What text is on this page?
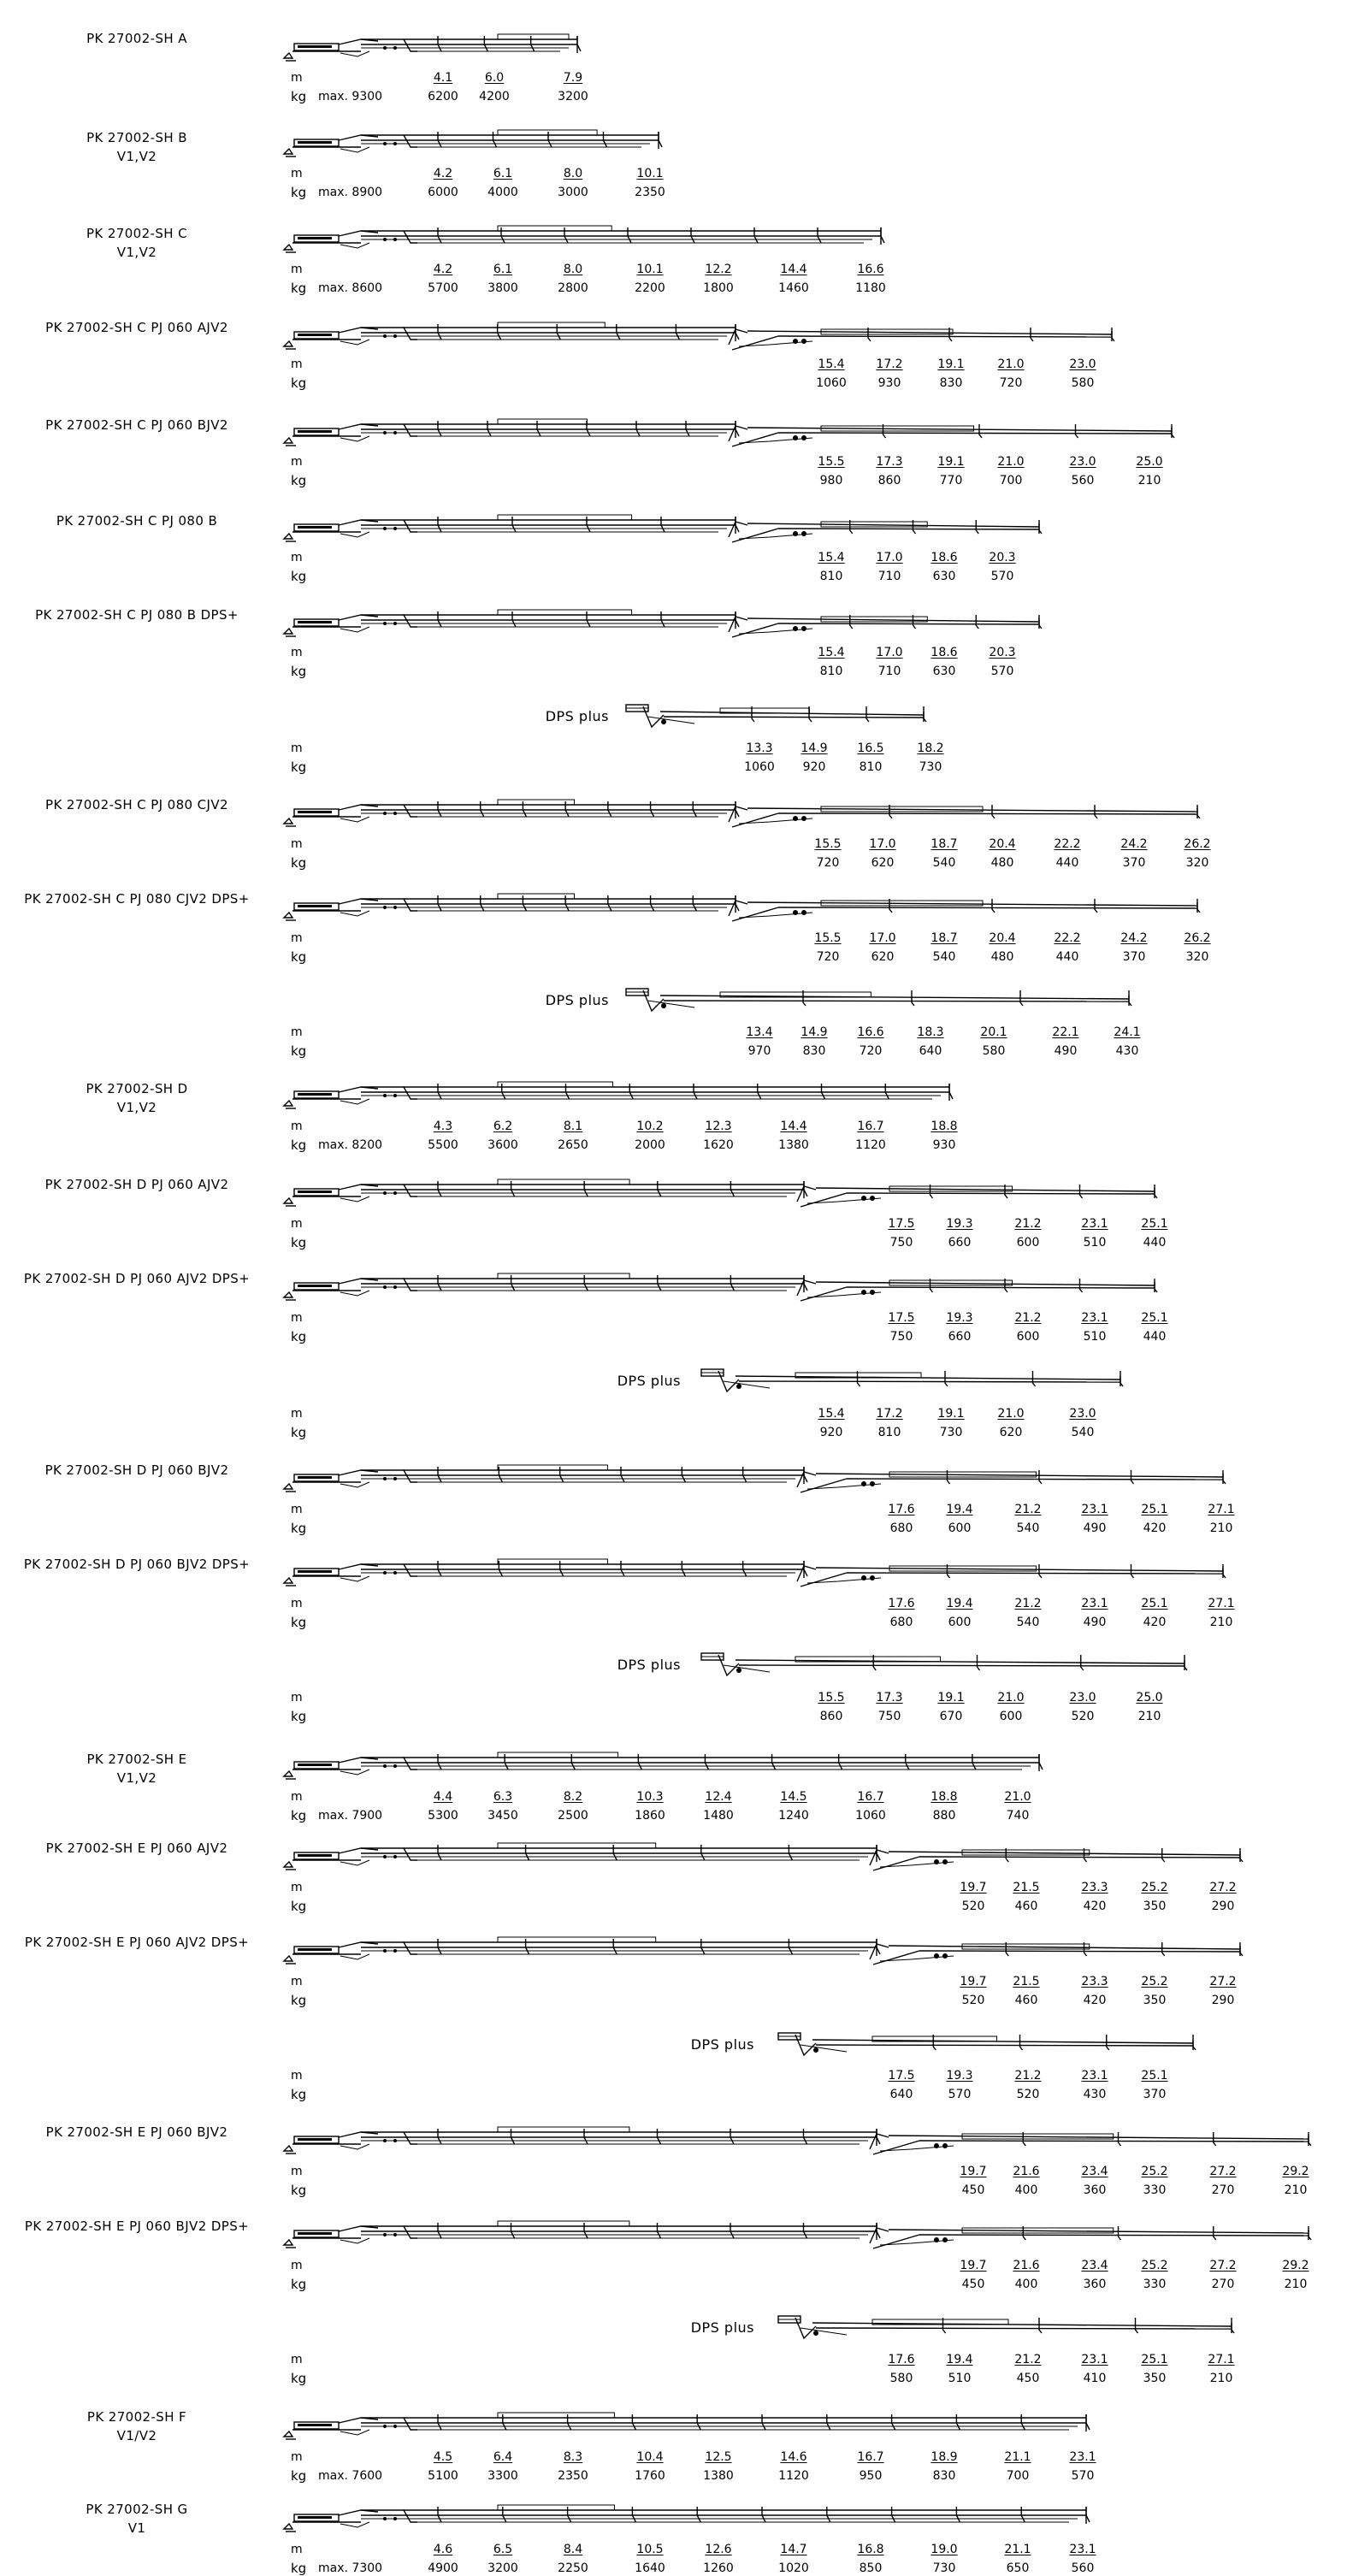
PK 27002-SH A
m
kg max. 9300
4.1
6200
6.0
4200
7.9
3200
PK 27002-SH B
V1,V2
m
kg max. 8900
4.2
6000
6.1
4000
8.0
3000
10.1
2350
PK 27002-SH C
V1,V2
m
kg max. 8600
4.2
5700
6.1
3800
8.0
2800
10.1
2200
12.2
1800
14.4
1460
16.6
1180
PK 27002-SH C PJ 060 AJV2
m
kg
15.4
1060
17.2
930
19.1
830
21.0
720
23.0
580
PK 27002-SH C PJ 060 BJV2
m
kg
15.5
980
17.3
860
19.1
770
21.0
700
23.0
560
25.0
210
PK 27002-SH C PJ 080 B
m
kg
15.4
810
17.0
710
18.6
630
20.3
570
PK 27002-SH C PJ 080 B DPS+
m
kg
15.4
810
17.0
710
18.6
630
20.3
570
DPS plus
m
kg
13.3
1060
14.9
920
16.5
810
18.2
730
PK 27002-SH C PJ 080 CJV2
m
kg
15.5
720
17.0
620
18.7
540
20.4
480
22.2
440
24.2
370
26.2
320
PK 27002-SH C PJ 080 CJV2 DPS+
m
kg
15.5
720
17.0
620
18.7
540
20.4
480
22.2
440
24.2
370
26.2
320
DPS plus
m
kg
13.4
970
14.9
830
16.6
720
18.3
640
20.1
580
22.1
490
24.1
430
PK 27002-SH D
V1,V2
m
kg max. 8200
4.3
5500
6.2
3600
8.1
2650
10.2
2000
12.3
1620
14.4
1380
16.7
1120
18.8
930
PK 27002-SH D PJ 060 AJV2
m
kg
17.5
750
19.3
660
21.2
600
23.1
510
25.1
440
PK 27002-SH D PJ 060 AJV2 DPS+
m
kg
17.5
750
19.3
660
21.2
600
23.1
510
25.1
440
DPS plus
m
kg
15.4
920
17.2
810
19.1
730
21.0
620
23.0
540
PK 27002-SH D PJ 060 BJV2
m
kg
17.6
680
19.4
600
21.2
540
23.1
490
25.1
420
27.1
210
PK 27002-SH D PJ 060 BJV2 DPS+
m
kg
17.6
680
19.4
600
21.2
540
23.1
490
25.1
420
27.1
210
DPS plus
m
kg
15.5
860
17.3
750
19.1
670
21.0
600
23.0
520
25.0
210
PK 27002-SH E
V1,V2
m
kg max. 7900
4.4
5300
6.3
3450
8.2
2500
10.3
1860
12.4
1480
14.5
1240
16.7
1060
18.8
880
21.0
740
PK 27002-SH E PJ 060 AJV2
m
kg
19.7
520
21.5
460
23.3
420
25.2
350
27.2
290
PK 27002-SH E PJ 060 AJV2 DPS+
m
kg
19.7
520
21.5
460
23.3
420
25.2
350
27.2
290
DPS plus
m
kg
17.5
640
19.3
570
21.2
520
23.1
430
25.1
370
PK 27002-SH E PJ 060 BJV2
m
kg
19.7
450
21.6
400
23.4
360
25.2
330
27.2
270
29.2
210
PK 27002-SH E PJ 060 BJV2 DPS+
m
kg
19.7
450
21.6
400
23.4
360
25.2
330
27.2
270
29.2
210
DPS plus
m
kg
17.6
580
19.4
510
21.2
450
23.1
410
25.1
350
27.1
210
PK 27002-SH F
V1/V2
m
kg max. 7600
4.5
5100
6.4
3300
8.3
2350
10.4
1760
12.5
1380
14.6
1120
16.7
950
18.9
830
21.1
700
23.1
570
PK 27002-SH G
V1
m
kg max. 7300
4.6
4900
6.5
3200
8.4
2250
10.5
1640
12.6
1260
14.7
1020
16.8
850
19.0
730
21.1
650
23.1
560
